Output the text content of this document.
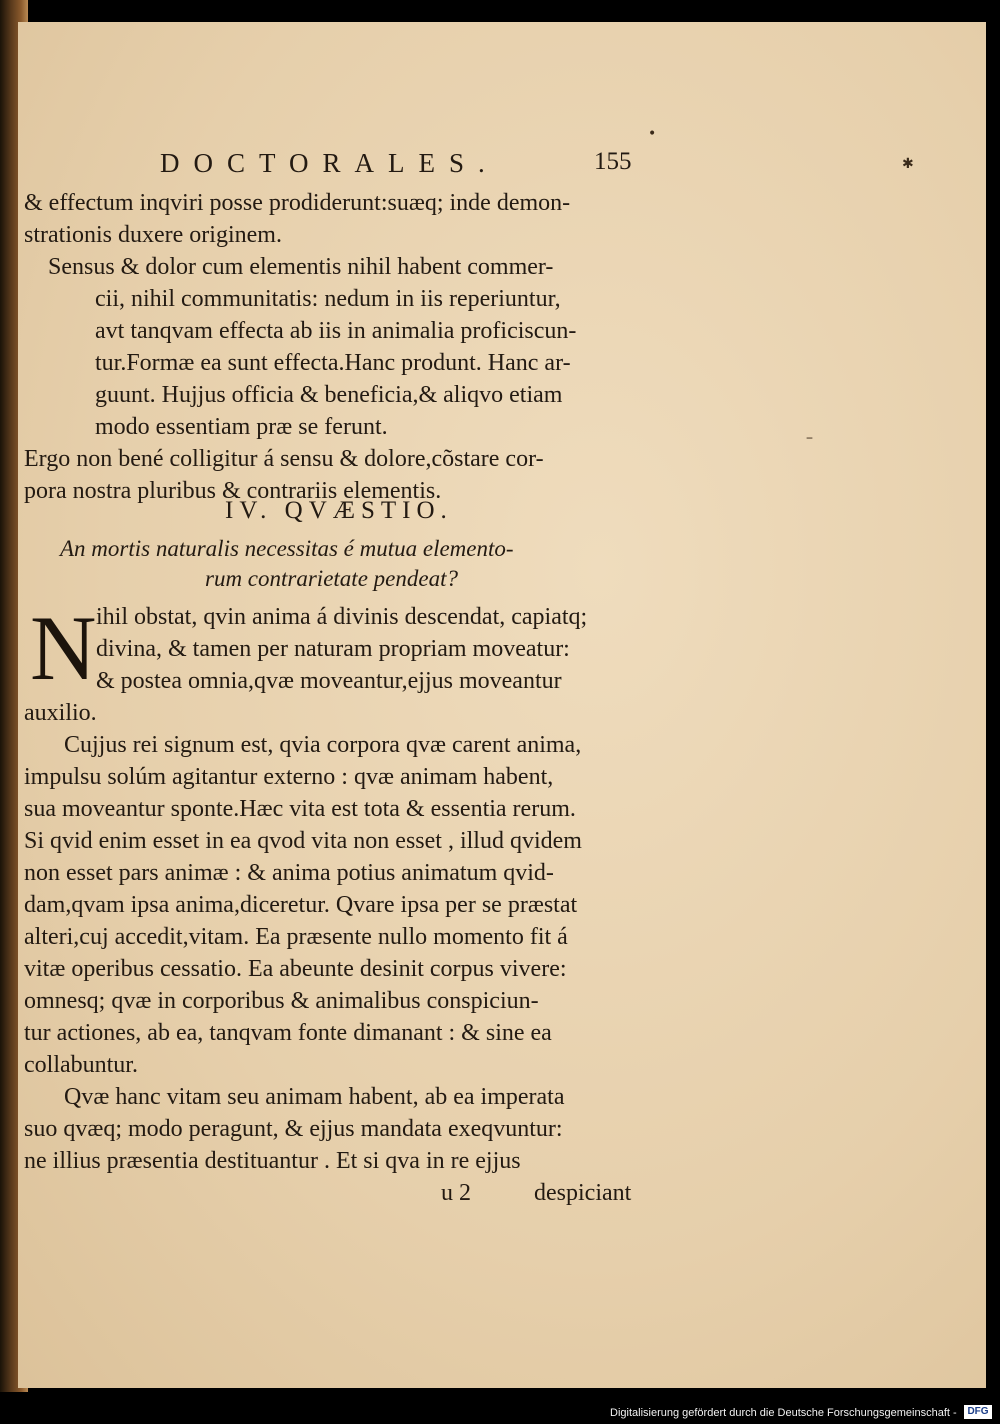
DOCTORALES.	155
& effectum inqviri posse prodiderunt:suæq; inde demon-
strationis duxere originem.
Sensus & dolor cum elementis nihil habent commer-
cii, nihil communitatis: nedum in iis reperiuntur,
avt tanqvam effecta ab iis in animalia proficiscun-
tur.Formæ ea sunt effecta.Hanc produnt. Hanc ar-
guunt. Hujjus officia & beneficia,& aliqvo etiam
modo essentiam præ se ferunt.
Ergo non bené colligitur á sensu & dolore,cõstare cor-
pora nostra pluribus & contrariis elementis.
IV. QVÆSTIO.
An mortis naturalis necessitas é mutua elemento-
rum contrarietate pendeat?
N ihil obstat, qvin anima á divinis descendat, capiatq;
divina, & tamen per naturam propriam moveatur:
& postea omnia,qvæ moveantur,ejjus moveantur
auxilio.
Cujjus rei signum est, qvia corpora qvæ carent anima,
impulsu solúm agitantur externo : qvæ animam habent,
sua moveantur sponte.Hæc vita est tota & essentia rerum.
Si qvid enim esset in ea qvod vita non esset , illud qvidem
non esset pars animæ : & anima potius animatum qvid-
dam,qvam ipsa anima,diceretur. Qvare ipsa per se præstat
alteri,cuj accedit,vitam. Ea præsente nullo momento fit á
vitæ operibus cessatio. Ea abeunte desinit corpus vivere:
omnesq; qvæ in corporibus & animalibus conspiciun-
tur actiones, ab ea, tanqvam fonte dimanant : & sine ea
collabuntur.
Qvæ hanc vitam seu animam habent, ab ea imperata
suo qvæq; modo peragunt, & ejjus mandata exeqvuntur:
ne illius præsentia destituantur . Et si qva in re ejjus
u 2	despiciant
✱
–
•
Digitalisierung gefördert durch die Deutsche Forschungsgemeinschaft -	DFG
